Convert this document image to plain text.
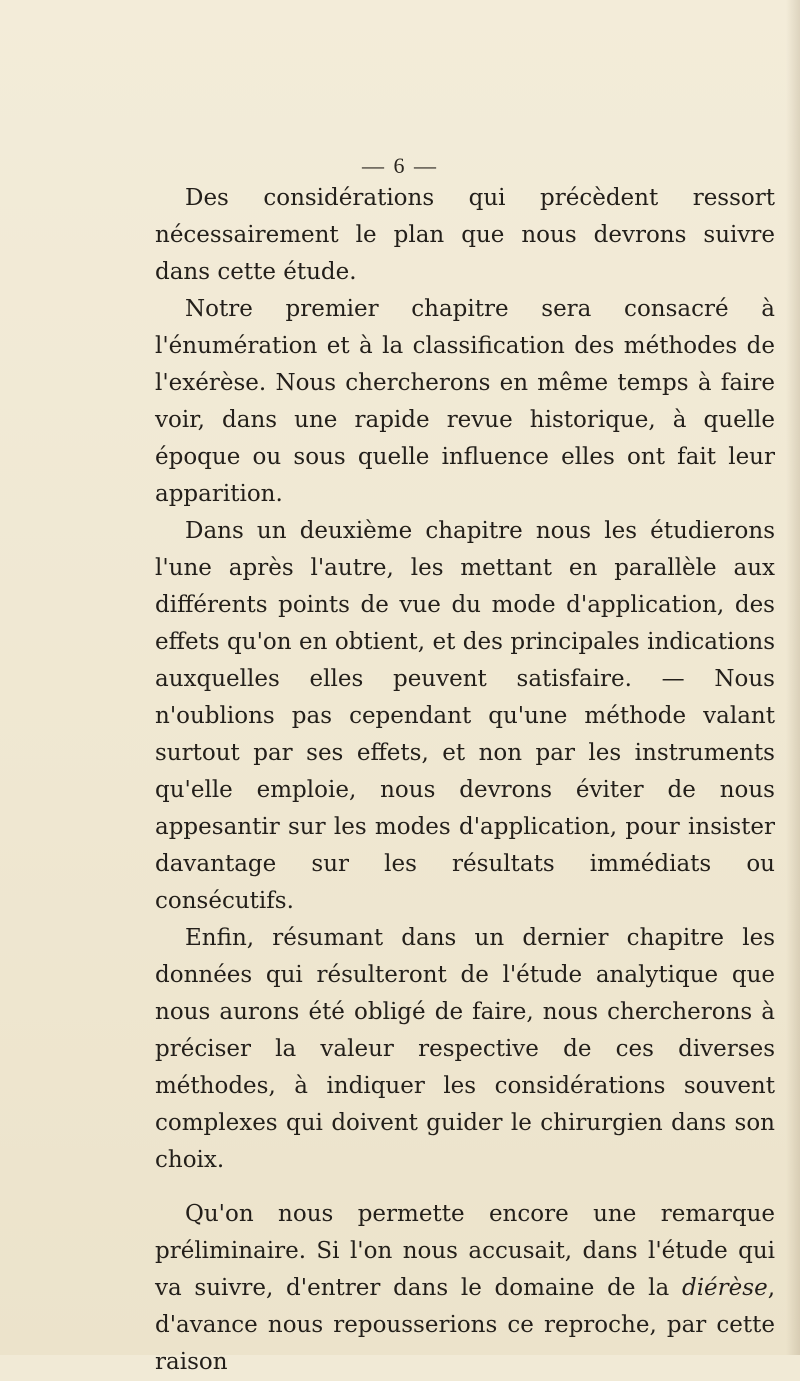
— 6 —

Des considérations qui précèdent ressort nécessairement le plan que nous devrons suivre dans cette étude.

Notre premier chapitre sera consacré à l'énumération et à la classification des méthodes de l'exérèse. Nous chercherons en même temps à faire voir, dans une rapide revue historique, à quelle époque ou sous quelle influence elles ont fait leur apparition.

Dans un deuxième chapitre nous les étudierons l'une après l'autre, les mettant en parallèle aux différents points de vue du mode d'application, des effets qu'on en obtient, et des principales indications auxquelles elles peuvent satisfaire. — Nous n'oublions pas cependant qu'une méthode valant surtout par ses effets, et non par les instruments qu'elle emploie, nous devrons éviter de nous appesantir sur les modes d'application, pour insister davantage sur les résultats immédiats ou consécutifs.

Enfin, résumant dans un dernier chapitre les données qui résulteront de l'étude analytique que nous aurons été obligé de faire, nous chercherons à préciser la valeur respective de ces diverses méthodes, à indiquer les considérations souvent complexes qui doivent guider le chirurgien dans son choix.

Qu'on nous permette encore une remarque préliminaire. Si l'on nous accusait, dans l'étude qui va suivre, d'entrer dans le domaine de la diérèse, d'avance nous repousserions ce reproche, par cette raison
